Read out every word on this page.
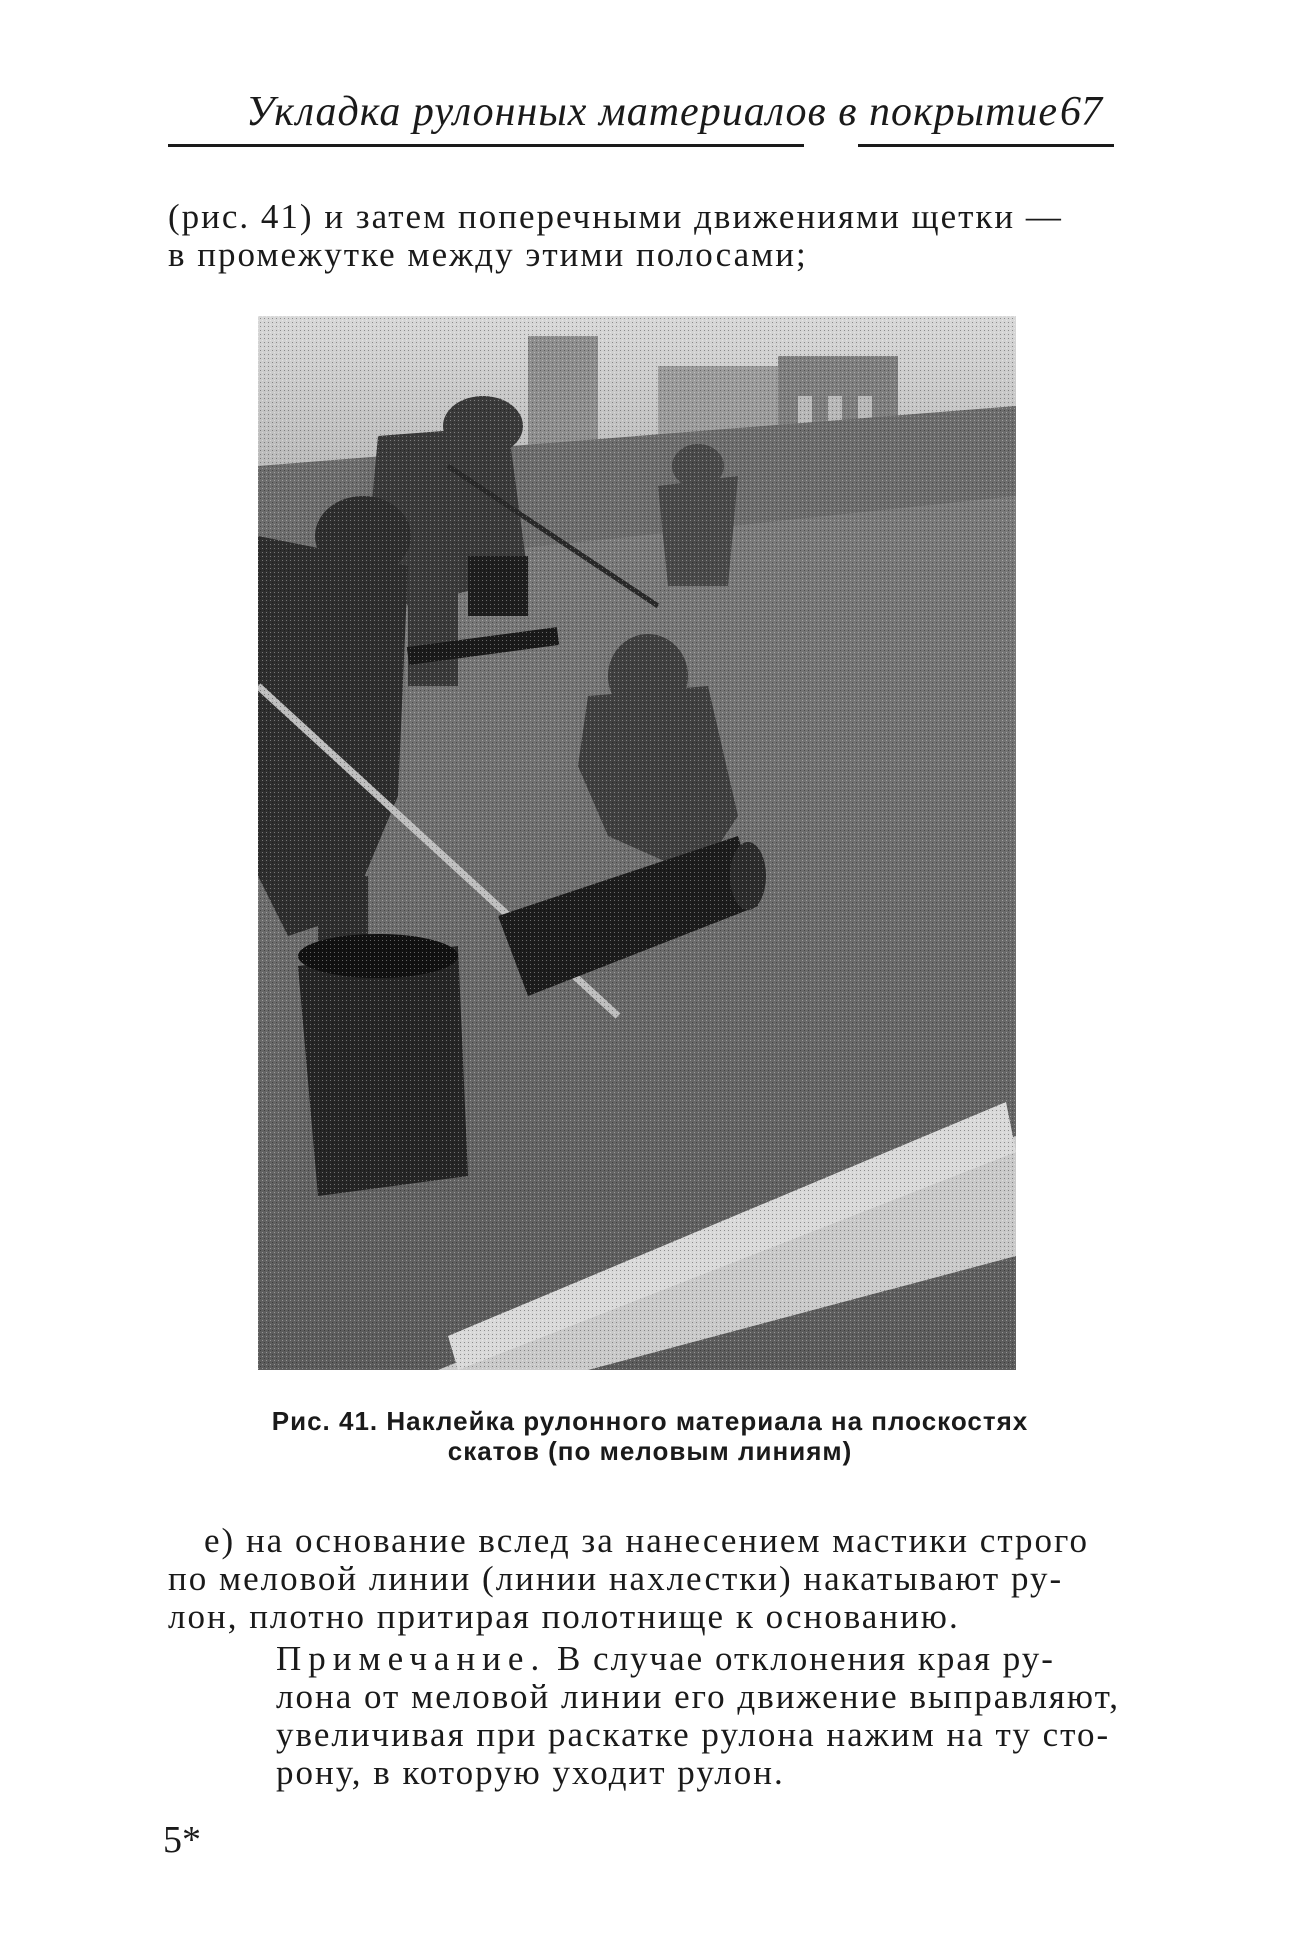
Укладка рулонных материалов в покрытие 67
(рис. 41) и затем поперечными движениями щетки —
в промежутке между этими полосами;
Рис. 41. Наклейка рулонного материала на плоскостях
скатов (по меловым линиям)
е) на основание вслед за нанесением мастики строго
по меловой линии (линии нахлестки) накатывают ру-
лон, плотно притирая полотнище к основанию.
Примечание. В случае отклонения края ру-
лона от меловой линии его движение выправляют,
увеличивая при раскатке рулона нажим на ту сто-
рону, в которую уходит рулон.
5*
